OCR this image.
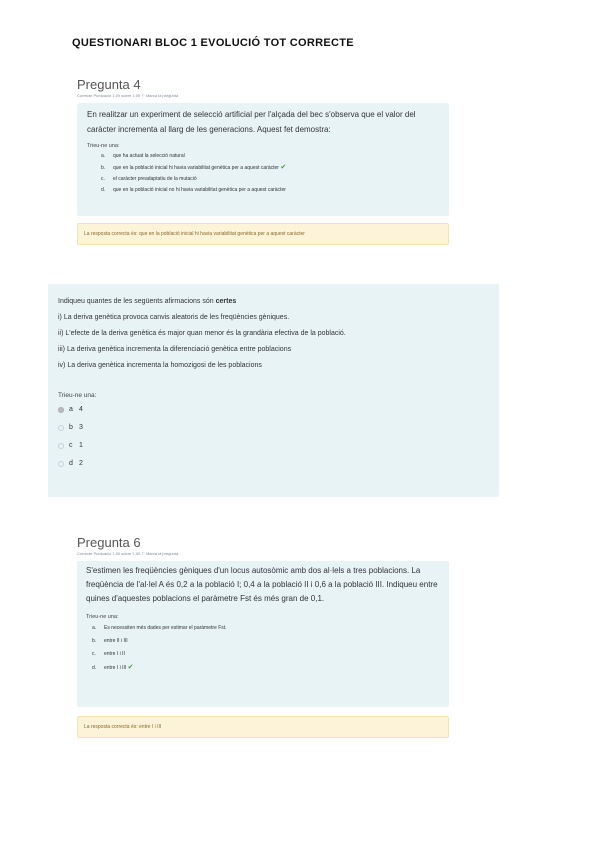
QUESTIONARI BLOC 1 EVOLUCIÓ TOT CORRECTE
Pregunta 4
Correcte Puntuació 1,00 sobre 1,00 ⚐ Marca la pregunta
En realitzar un experiment de selecció artificial per l'alçada del bec s'observa que el valor del caràcter incrementa al llarg de les generacions. Aquest fet demostra:
Trieu-ne una:
a. que ha actuat la selecció natural
b. que en la població inicial hi havia variabilitat genètica per a aquest caràcter ✔
c. el caràcter preadaptatiu de la mutació
d. que en la població inicial no hi havia variabilitat genètica per a aquest caràcter
La resposta correcta és: que en la població inicial hi havia variabilitat genètica per a aquest caràcter
Indiqueu quantes de les següents afirmacions són certes
i) La deriva genètica provoca canvis aleatoris de les freqüències gèniques.
ii) L'efecte de la deriva genètica és major quan menor és la grandària efectiva de la població.
iii) La deriva genètica incrementa la diferenciació genètica entre poblacions
iv) La deriva genètica incrementa la homozigosi de les poblacions
Trieu-ne una:
a 4
b 3
c 1
d 2
Pregunta 6
Correcte Puntuació 1,00 sobre 1,00 ⚐ Marca la pregunta
S'estimen les freqüències gèniques d'un locus autosòmic amb dos al·lels a tres poblacions. La freqüència de l'al·lel A és 0,2 a la població I; 0,4 a la població II i 0,6 a la població III. Indiqueu entre quines d'aquestes poblacions el paràmetre Fst és més gran de 0,1.
Trieu-ne una:
a. Es necessiten més dades per estimar el paràmetre Fst.
b. entre II i III
c. entre I i II
d. entre I i III ✔
La resposta correcta és: entre I i III
